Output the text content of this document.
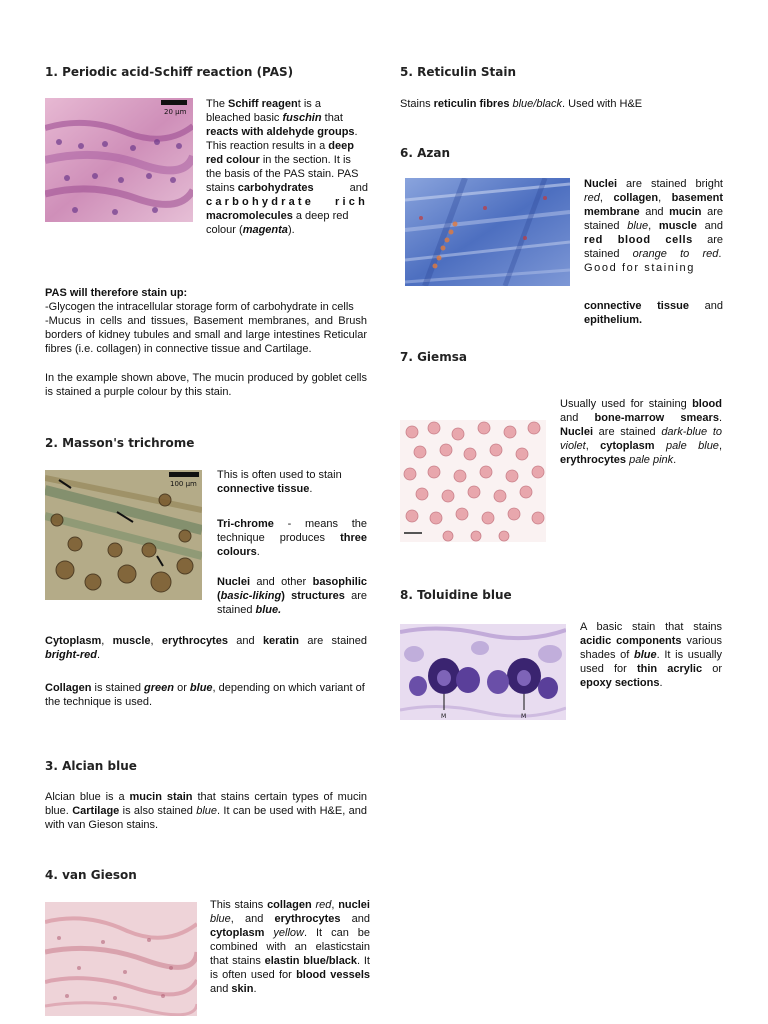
1. Periodic acid-Schiff reaction (PAS)
20 µm
The Schiff reagent is a
bleached basic fuschin that
reacts with aldehyde groups.
This reaction results in a deep
red colour in the section. It is
the basis of the PAS stain. PAS
stains carbohydrates	and
carbohydrate rich
macromolecules a deep red
colour (magenta).
PAS will therefore stain up:
-Glycogen the intracellular storage form of carbohydrate in cells
-Mucus in cells and tissues, Basement membranes, and Brush borders of kidney tubules and small and large intestines Reticular fibres (i.e. collagen) in connective tissue and Cartilage.
In the example shown above, The mucin produced by goblet cells is stained a purple colour by this stain.
2. Masson's trichrome
100 µm
This is often used to stain
connective tissue.
Tri-chrome - means the technique produces three colours.
Nuclei and other basophilic (basic-liking) structures are stained blue.
Cytoplasm, muscle, erythrocytes and keratin are stained bright-red.
Collagen is stained green or blue, depending on which variant of the technique is used.
3. Alcian blue
Alcian blue is a mucin stain that stains certain types of mucin blue. Cartilage is also stained blue. It can be used with H&E, and with van Gieson stains.
4. van Gieson
This stains collagen red, nuclei blue, and erythrocytes and cytoplasm yellow. It can be combined with an elasticstain that stains elastin blue/black. It is often used for blood vessels and skin.
5. Reticulin Stain
Stains reticulin fibres blue/black. Used with H&E
6. Azan
Nuclei are stained bright red, collagen, basement membrane and mucin are stained blue, muscle and red blood cells are stained orange to red. Good for staining
connective tissue and epithelium.
7. Giemsa
Usually used for staining blood and bone-marrow smears. Nuclei are stained dark-blue to violet, cytoplasm pale blue, erythrocytes pale pink.
8. Toluidine blue
M	M
A basic stain that stains acidic components various shades of blue. It is usually used for thin acrylic or epoxy sections.
